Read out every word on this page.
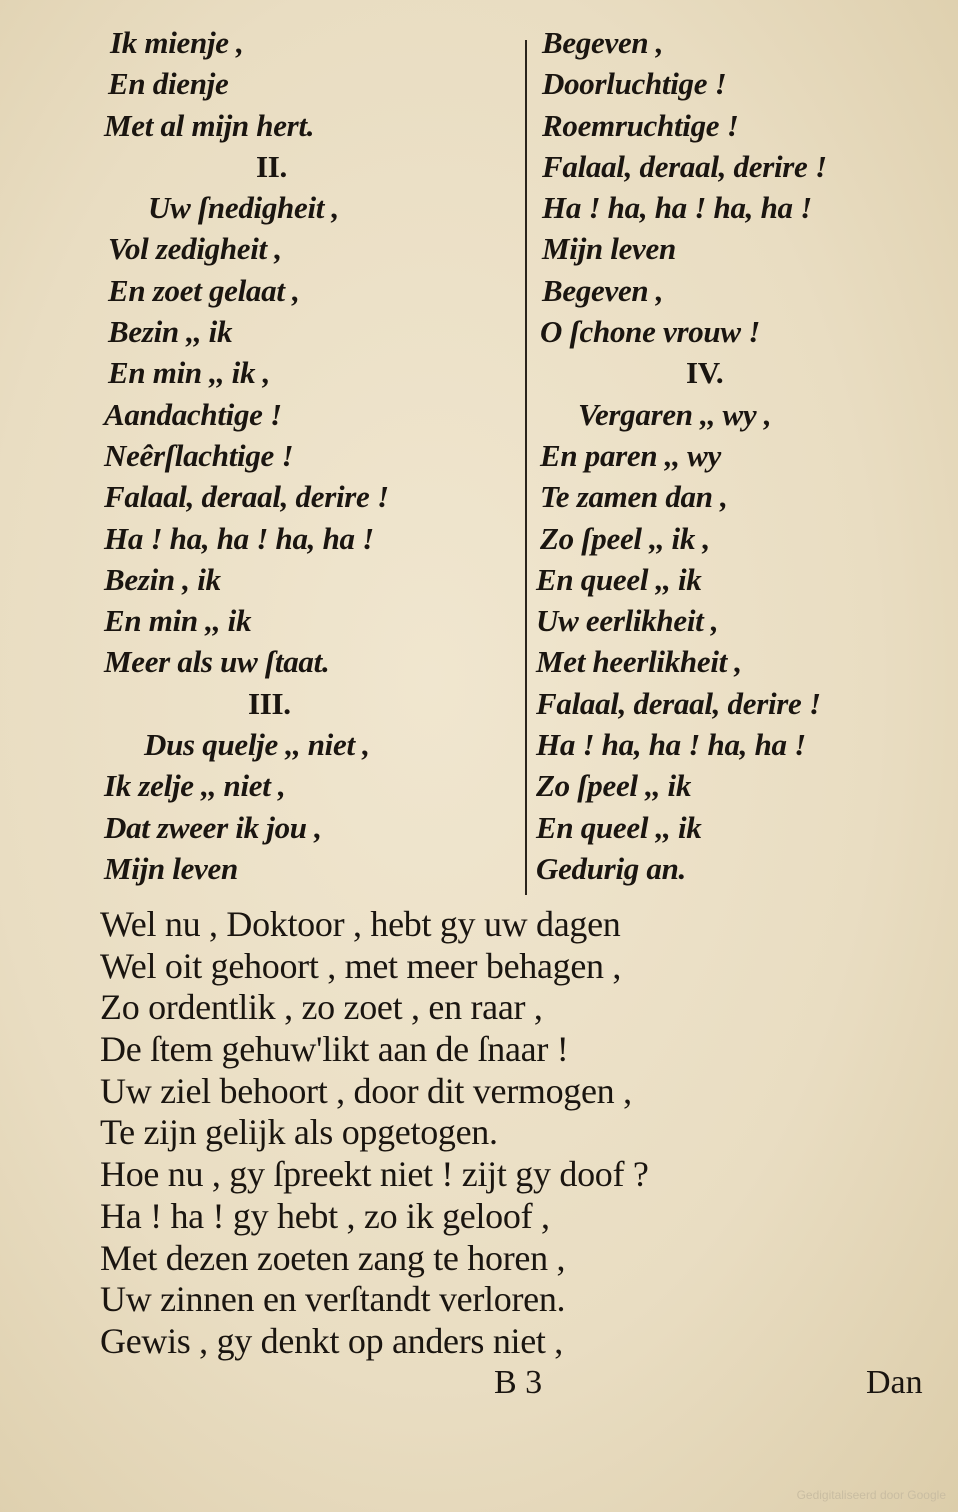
Ik mienje ,
En dienje
Met al mijn hert.
II.
Uw ſnedigheit ,
Vol zedigheit ,
En zoet gelaat ,
Bezin ,, ik
En min ,, ik ,
Aandachtige !
Neêrſlachtige !
Falaal, deraal, derire !
Ha ! ha, ha ! ha, ha !
Bezin , ik
En min ,, ik
Meer als uw ſtaat.
III.
Dus quelje ,, niet ,
Ik zelje ,, niet ,
Dat zweer ik jou ,
Mijn leven
Begeven ,
Doorluchtige !
Roemruchtige !
Falaal, deraal, derire !
Ha ! ha, ha ! ha, ha !
Mijn leven
Begeven ,
O ſchone vrouw !
IV.
Vergaren ,, wy ,
En paren ,, wy
Te zamen dan ,
Zo ſpeel ,, ik ,
En queel ,, ik
Uw eerlikheit ,
Met heerlikheit ,
Falaal, deraal, derire !
Ha ! ha, ha ! ha, ha !
Zo ſpeel ,, ik
En queel ,, ik
Gedurig an.
Wel nu , Doktoor , hebt gy uw dagen
Wel oit gehoort , met meer behagen ,
Zo ordentlik , zo zoet , en raar ,
De ſtem gehuw'likt aan de ſnaar !
Uw ziel behoort , door dit vermogen ,
Te zijn gelijk als opgetogen.
Hoe nu , gy ſpreekt niet ! zijt gy doof ?
Ha ! ha ! gy hebt , zo ik geloof ,
Met dezen zoeten zang te horen ,
Uw zinnen en verſtandt verloren.
Gewis , gy denkt op anders niet ,
B 3	Dan
Gedigitaliseerd door Google
